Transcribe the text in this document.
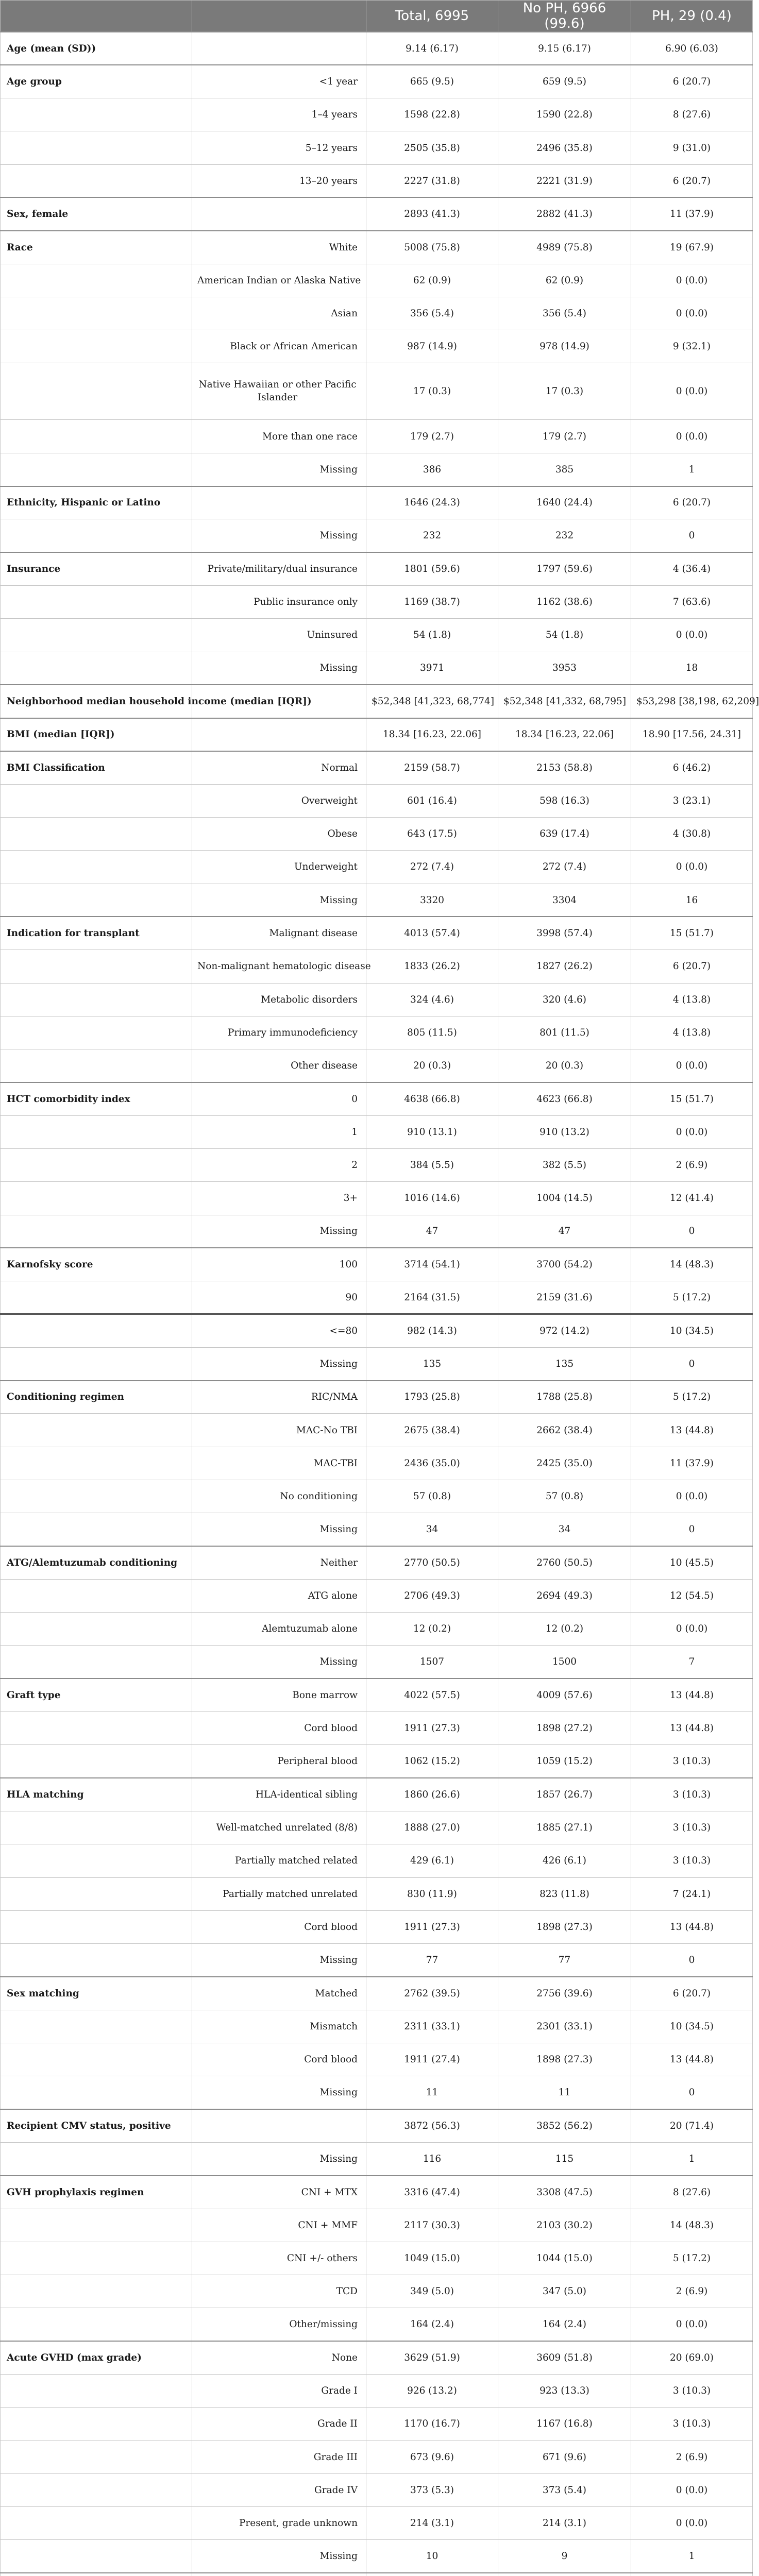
		Total, 6995	No PH, 6966 (99.6)	PH, 29 (0.4)
Age (mean (SD))		9.14 (6.17)	9.15 (6.17)	6.90 (6.03)
Age group	<1 year	665 (9.5)	659 (9.5)	6 (20.7)
	1–4 years	1598 (22.8)	1590 (22.8)	8 (27.6)
	5–12 years	2505 (35.8)	2496 (35.8)	9 (31.0)
	13–20 years	2227 (31.8)	2221 (31.9)	6 (20.7)
Sex, female		2893 (41.3)	2882 (41.3)	11 (37.9)
Race	White	5008 (75.8)	4989 (75.8)	19 (67.9)
	American Indian or Alaska Native	62 (0.9)	62 (0.9)	0 (0.0)
	Asian	356 (5.4)	356 (5.4)	0 (0.0)
	Black or African American	987 (14.9)	978 (14.9)	9 (32.1)
	Native Hawaiian or other Pacific Islander	17 (0.3)	17 (0.3)	0 (0.0)
	More than one race	179 (2.7)	179 (2.7)	0 (0.0)
	Missing	386	385	1
Ethnicity, Hispanic or Latino		1646 (24.3)	1640 (24.4)	6 (20.7)
	Missing	232	232	0
Insurance	Private/military/dual insurance	1801 (59.6)	1797 (59.6)	4 (36.4)
	Public insurance only	1169 (38.7)	1162 (38.6)	7 (63.6)
	Uninsured	54 (1.8)	54 (1.8)	0 (0.0)
	Missing	3971	3953	18
Neighborhood median household income (median [IQR])		$52,348 [41,323, 68,774]	$52,348 [41,332, 68,795]	$53,298 [38,198, 62,209]
BMI (median [IQR])		18.34 [16.23, 22.06]	18.34 [16.23, 22.06]	18.90 [17.56, 24.31]
BMI Classification	Normal	2159 (58.7)	2153 (58.8)	6 (46.2)
	Overweight	601 (16.4)	598 (16.3)	3 (23.1)
	Obese	643 (17.5)	639 (17.4)	4 (30.8)
	Underweight	272 (7.4)	272 (7.4)	0 (0.0)
	Missing	3320	3304	16
Indication for transplant	Malignant disease	4013 (57.4)	3998 (57.4)	15 (51.7)
	Non-malignant hematologic disease	1833 (26.2)	1827 (26.2)	6 (20.7)
	Metabolic disorders	324 (4.6)	320 (4.6)	4 (13.8)
	Primary immunodeficiency	805 (11.5)	801 (11.5)	4 (13.8)
	Other disease	20 (0.3)	20 (0.3)	0 (0.0)
HCT comorbidity index	0	4638 (66.8)	4623 (66.8)	15 (51.7)
	1	910 (13.1)	910 (13.2)	0 (0.0)
	2	384 (5.5)	382 (5.5)	2 (6.9)
	3+	1016 (14.6)	1004 (14.5)	12 (41.4)
	Missing	47	47	0
Karnofsky score	100	3714 (54.1)	3700 (54.2)	14 (48.3)
	90	2164 (31.5)	2159 (31.6)	5 (17.2)
	<=80	982 (14.3)	972 (14.2)	10 (34.5)
	Missing	135	135	0
Conditioning regimen	RIC/NMA	1793 (25.8)	1788 (25.8)	5 (17.2)
	MAC-No TBI	2675 (38.4)	2662 (38.4)	13 (44.8)
	MAC-TBI	2436 (35.0)	2425 (35.0)	11 (37.9)
	No conditioning	57 (0.8)	57 (0.8)	0 (0.0)
	Missing	34	34	0
ATG/Alemtuzumab conditioning	Neither	2770 (50.5)	2760 (50.5)	10 (45.5)
	ATG alone	2706 (49.3)	2694 (49.3)	12 (54.5)
	Alemtuzumab alone	12 (0.2)	12 (0.2)	0 (0.0)
	Missing	1507	1500	7
Graft type	Bone marrow	4022 (57.5)	4009 (57.6)	13 (44.8)
	Cord blood	1911 (27.3)	1898 (27.2)	13 (44.8)
	Peripheral blood	1062 (15.2)	1059 (15.2)	3 (10.3)
HLA matching	HLA-identical sibling	1860 (26.6)	1857 (26.7)	3 (10.3)
	Well-matched unrelated (8/8)	1888 (27.0)	1885 (27.1)	3 (10.3)
	Partially matched related	429 (6.1)	426 (6.1)	3 (10.3)
	Partially matched unrelated	830 (11.9)	823 (11.8)	7 (24.1)
	Cord blood	1911 (27.3)	1898 (27.3)	13 (44.8)
	Missing	77	77	0
Sex matching	Matched	2762 (39.5)	2756 (39.6)	6 (20.7)
	Mismatch	2311 (33.1)	2301 (33.1)	10 (34.5)
	Cord blood	1911 (27.4)	1898 (27.3)	13 (44.8)
	Missing	11	11	0
Recipient CMV status, positive		3872 (56.3)	3852 (56.2)	20 (71.4)
	Missing	116	115	1
GVH prophylaxis regimen	CNI + MTX	3316 (47.4)	3308 (47.5)	8 (27.6)
	CNI + MMF	2117 (30.3)	2103 (30.2)	14 (48.3)
	CNI +/- others	1049 (15.0)	1044 (15.0)	5 (17.2)
	TCD	349 (5.0)	347 (5.0)	2 (6.9)
	Other/missing	164 (2.4)	164 (2.4)	0 (0.0)
Acute GVHD (max grade)	None	3629 (51.9)	3609 (51.8)	20 (69.0)
	Grade I	926 (13.2)	923 (13.3)	3 (10.3)
	Grade II	1170 (16.7)	1167 (16.8)	3 (10.3)
	Grade III	673 (9.6)	671 (9.6)	2 (6.9)
	Grade IV	373 (5.3)	373 (5.4)	0 (0.0)
	Present, grade unknown	214 (3.1)	214 (3.1)	0 (0.0)
	Missing	10	9	1
